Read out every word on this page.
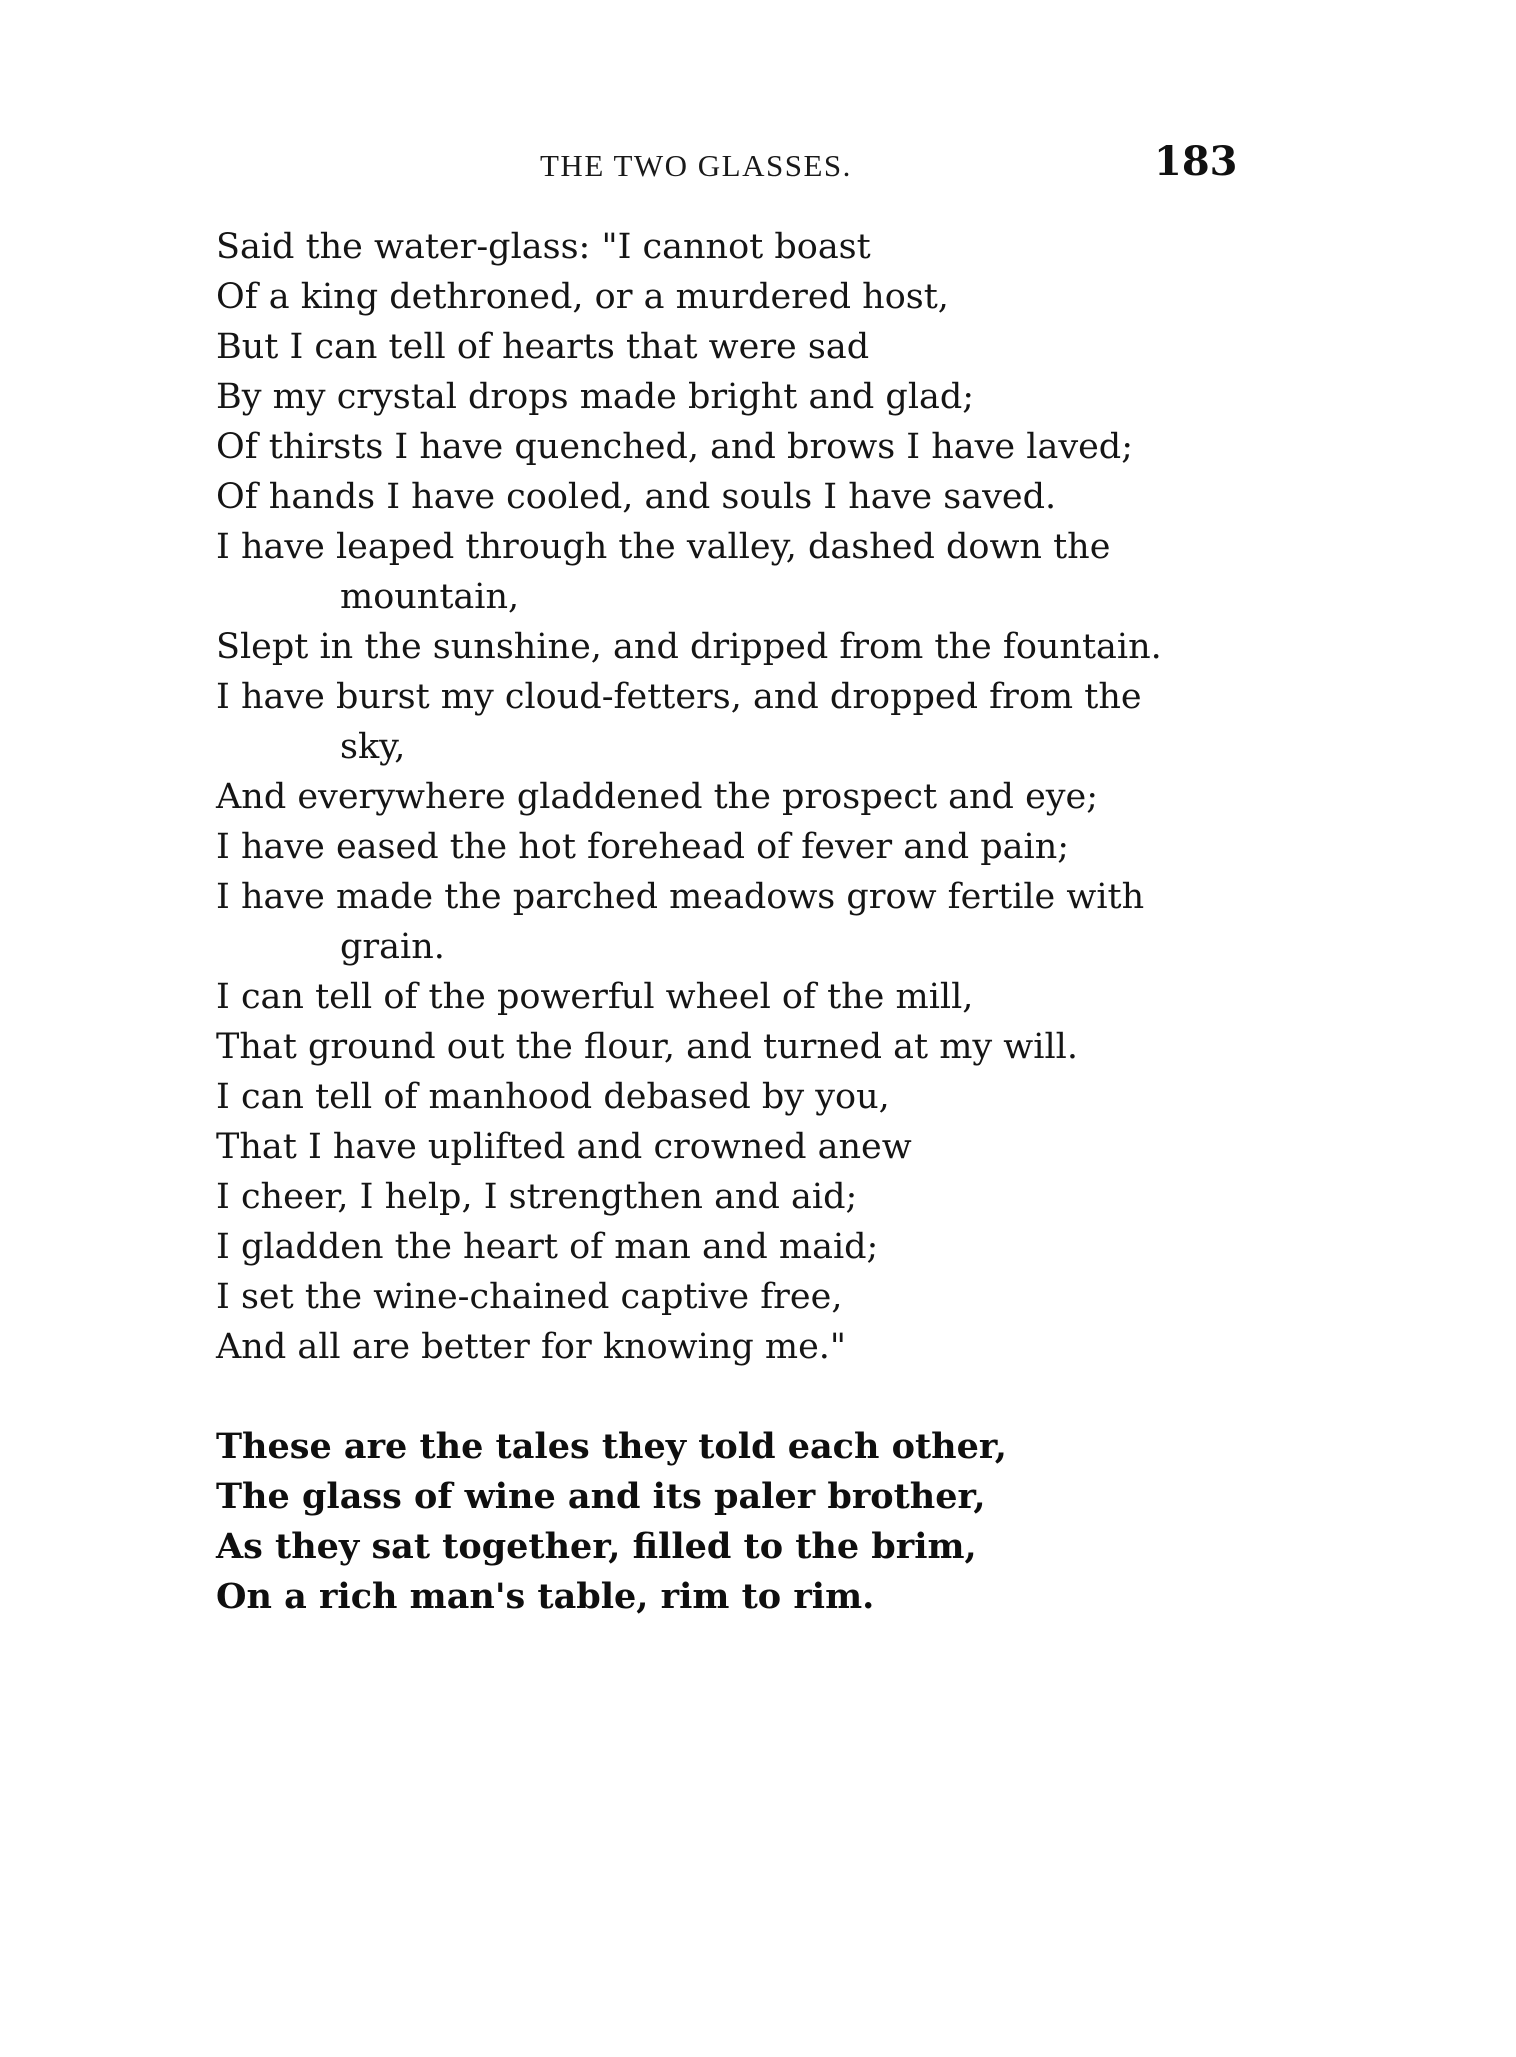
THE TWO GLASSES.	183
Said the water-glass: "I cannot boast
Of a king dethroned, or a murdered host,
But I can tell of hearts that were sad
By my crystal drops made bright and glad;
Of thirsts I have quenched, and brows I have laved;
Of hands I have cooled, and souls I have saved.
I have leaped through the valley, dashed down the
mountain,
Slept in the sunshine, and dripped from the fountain.
I have burst my cloud-fetters, and dropped from the
sky,
And everywhere gladdened the prospect and eye;
I have eased the hot forehead of fever and pain;
I have made the parched meadows grow fertile with
grain.
I can tell of the powerful wheel of the mill,
That ground out the flour, and turned at my will.
I can tell of manhood debased by you,
That I have uplifted and crowned anew
I cheer, I help, I strengthen and aid;
I gladden the heart of man and maid;
I set the wine-chained captive free,
And all are better for knowing me."
These are the tales they told each other,
The glass of wine and its paler brother,
As they sat together, filled to the brim,
On a rich man's table, rim to rim.
